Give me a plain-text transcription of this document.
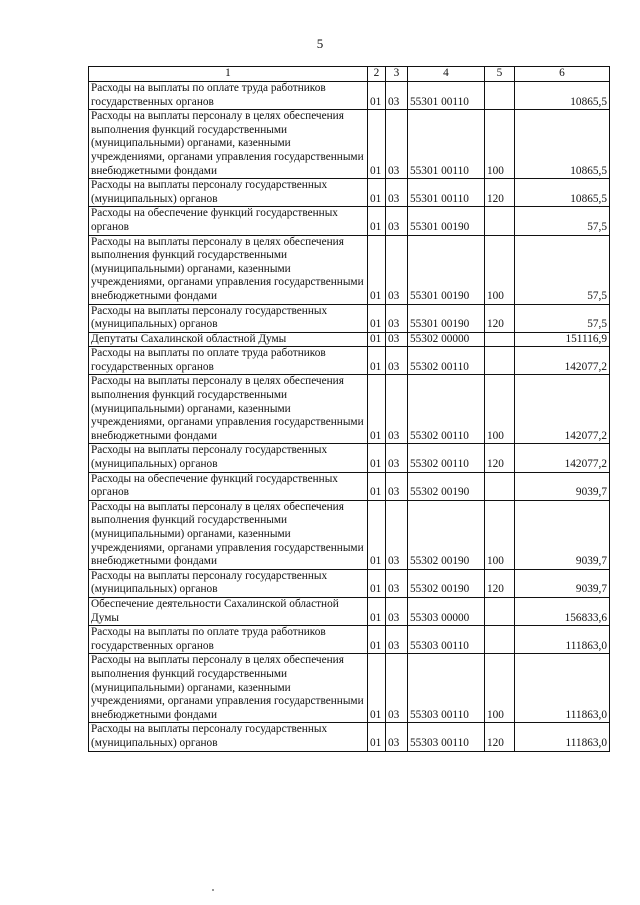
5
1	2	3	4	5	6
Расходы на выплаты по оплате труда работников государственных органов	01	03	55301 00110		10865,5
Расходы на выплаты персоналу в целях обеспечения выполнения функций государственными (муниципальными) органами, казенными учреждениями, органами управления государственными внебюджетными фондами	01	03	55301 00110	100	10865,5
Расходы на выплаты персоналу государственных (муниципальных) органов	01	03	55301 00110	120	10865,5
Расходы на обеспечение функций государственных органов	01	03	55301 00190		57,5
Расходы на выплаты персоналу в целях обеспечения выполнения функций государственными (муниципальными) органами, казенными учреждениями, органами управления государственными внебюджетными фондами	01	03	55301 00190	100	57,5
Расходы на выплаты персоналу государственных (муниципальных) органов	01	03	55301 00190	120	57,5
Депутаты Сахалинской областной Думы	01	03	55302 00000		151116,9
Расходы на выплаты по оплате труда работников государственных органов	01	03	55302 00110		142077,2
Расходы на выплаты персоналу в целях обеспечения выполнения функций государственными (муниципальными) органами, казенными учреждениями, органами управления государственными внебюджетными фондами	01	03	55302 00110	100	142077,2
Расходы на выплаты персоналу государственных (муниципальных) органов	01	03	55302 00110	120	142077,2
Расходы на обеспечение функций государственных органов	01	03	55302 00190		9039,7
Расходы на выплаты персоналу в целях обеспечения выполнения функций государственными (муниципальными) органами, казенными учреждениями, органами управления государственными внебюджетными фондами	01	03	55302 00190	100	9039,7
Расходы на выплаты персоналу государственных (муниципальных) органов	01	03	55302 00190	120	9039,7
Обеспечение деятельности Сахалинской областной Думы	01	03	55303 00000		156833,6
Расходы на выплаты по оплате труда работников государственных органов	01	03	55303 00110		111863,0
Расходы на выплаты персоналу в целях обеспечения выполнения функций государственными (муниципальными) органами, казенными учреждениями, органами управления государственными внебюджетными фондами	01	03	55303 00110	100	111863,0
Расходы на выплаты персоналу государственных (муниципальных) органов	01	03	55303 00110	120	111863,0
